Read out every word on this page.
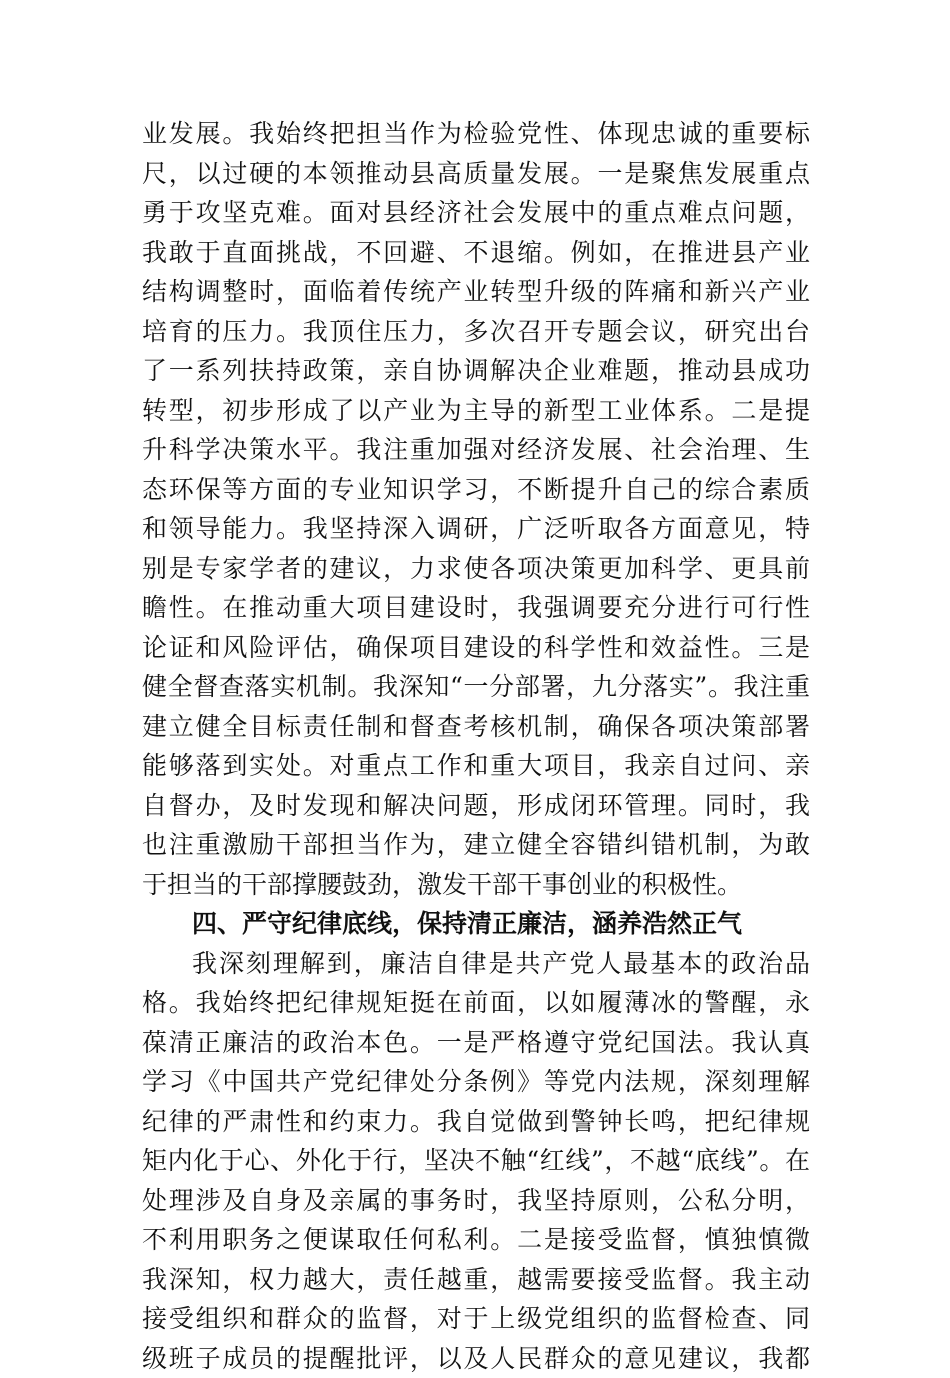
业发展。我始终把担当作为检验党性、体现忠诚的重要标
尺，以过硬的本领推动县高质量发展。一是聚焦发展重点
勇于攻坚克难。面对县经济社会发展中的重点难点问题，
我敢于直面挑战，不回避、不退缩。例如，在推进县产业
结构调整时，面临着传统产业转型升级的阵痛和新兴产业
培育的压力。我顶住压力，多次召开专题会议，研究出台
了一系列扶持政策，亲自协调解决企业难题，推动县成功
转型，初步形成了以产业为主导的新型工业体系。二是提
升科学决策水平。我注重加强对经济发展、社会治理、生
态环保等方面的专业知识学习，不断提升自己的综合素质
和领导能力。我坚持深入调研，广泛听取各方面意见，特
别是专家学者的建议，力求使各项决策更加科学、更具前
瞻性。在推动重大项目建设时，我强调要充分进行可行性
论证和风险评估，确保项目建设的科学性和效益性。三是
健全督查落实机制。我深知“一分部署，九分落实”。我注重
建立健全目标责任制和督查考核机制，确保各项决策部署
能够落到实处。对重点工作和重大项目，我亲自过问、亲
自督办，及时发现和解决问题，形成闭环管理。同时，我
也注重激励干部担当作为，建立健全容错纠错机制，为敢
于担当的干部撑腰鼓劲，激发干部干事创业的积极性。
四、严守纪律底线，保持清正廉洁，涵养浩然正气
我深刻理解到，廉洁自律是共产党人最基本的政治品
格。我始终把纪律规矩挺在前面，以如履薄冰的警醒，永
葆清正廉洁的政治本色。一是严格遵守党纪国法。我认真
学习《中国共产党纪律处分条例》等党内法规，深刻理解
纪律的严肃性和约束力。我自觉做到警钟长鸣，把纪律规
矩内化于心、外化于行，坚决不触“红线”，不越“底线”。在
处理涉及自身及亲属的事务时，我坚持原则，公私分明，
不利用职务之便谋取任何私利。二是接受监督，慎独慎微
我深知，权力越大，责任越重，越需要接受监督。我主动
接受组织和群众的监督，对于上级党组织的监督检查、同
级班子成员的提醒批评，以及人民群众的意见建议，我都
